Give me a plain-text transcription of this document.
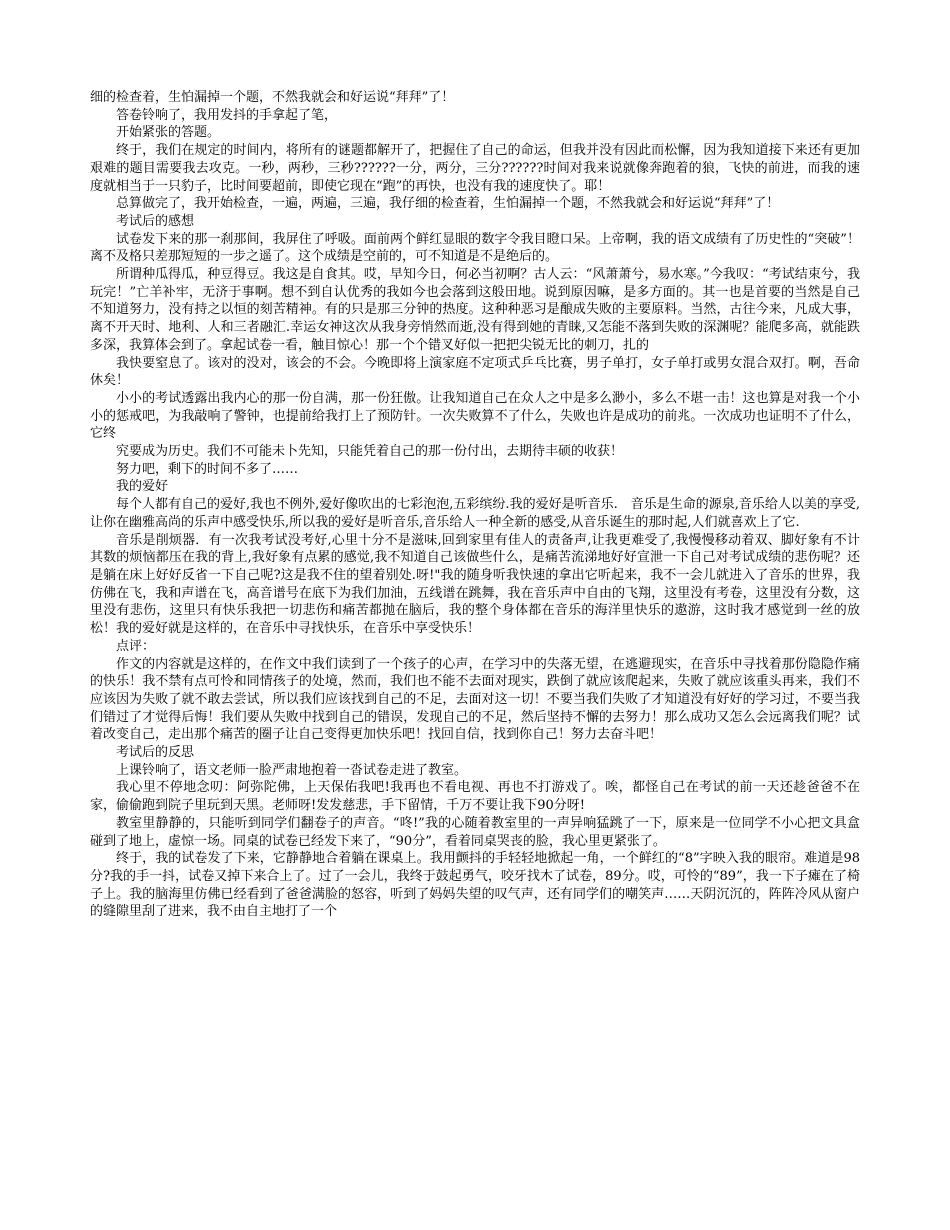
细的检查着，生怕漏掉一个题，不然我就会和好运说“拜拜”了！

答卷铃响了，我用发抖的手拿起了笔，

开始紧张的答题。

终于，我们在规定的时间内，将所有的谜题都解开了，把握住了自己的命运，但我并没有因此而松懈，因为我知道接下来还有更加艰难的题目需要我去攻克。一秒，两秒，三秒??????一分，两分，三分??????时间对我来说就像奔跑着的狼，飞快的前进，而我的速度就相当于一只豹子，比时间要超前，即使它现在“跑”的再快，也没有我的速度快了。耶！

总算做完了，我开始检查，一遍，两遍，三遍，我仔细的检查着，生怕漏掉一个题，不然我就会和好运说“拜拜”了！

考试后的感想

试卷发下来的那一刹那间，我屏住了呼吸。面前两个鲜红显眼的数字令我目瞪口呆。上帝啊，我的语文成绩有了历史性的“突破”！离不及格只差那短短的一步之遥了。这个成绩是空前的，可不知道是不是绝后的。

所谓种瓜得瓜，种豆得豆。我这是自食其。哎，早知今日，何必当初啊？古人云：“风萧萧兮，易水寒。”今我叹：“考试结束兮，我玩完！”亡羊补牢，无济于事啊。想不到自认优秀的我如今也会落到这般田地。说到原因嘛，是多方面的。其一也是首要的当然是自己不知道努力，没有持之以恒的刻苦精神。有的只是那三分钟的热度。这种种恶习是酿成失败的主要原料。当然，古往今来，凡成大事，离不开天时、地利、人和三者融汇.幸运女神这次从我身旁悄然而逝,没有得到她的青睐,又怎能不落到失败的深渊呢？能爬多高，就能跌多深，我算体会到了。拿起试卷一看，触目惊心！那一个个错叉好似一把把尖锐无比的刺刀，扎的

我快要窒息了。该对的没对，该会的不会。今晚即将上演家庭不定项式乒乓比赛，男子单打，女子单打或男女混合双打。啊，吾命休矣！

小小的考试透露出我内心的那一份自满，那一份狂傲。让我知道自己在众人之中是多么渺小，多么不堪一击！这也算是对我一个小小的惩戒吧，为我敲响了警钟，也提前给我打上了预防针。一次失败算不了什么，失败也许是成功的前兆。一次成功也证明不了什么，它终

究要成为历史。我们不可能未卜先知，只能凭着自己的那一份付出，去期待丰硕的收获！

努力吧，剩下的时间不多了……

我的爱好

每个人都有自己的爱好,我也不例外,爱好像吹出的七彩泡泡,五彩缤纷.我的爱好是听音乐.　音乐是生命的源泉,音乐给人以美的享受,让你在幽雅高尚的乐声中感受快乐,所以我的爱好是听音乐,音乐给人一种全新的感受,从音乐诞生的那时起,人们就喜欢上了它.

音乐是削烦器．有一次我考试没考好,心里十分不是滋味,回到家里有佳人的责备声,让我更难受了,我慢慢移动着双、脚好象有不计其数的烦恼都压在我的背上,我好象有点累的感觉,我不知道自己该做些什么，是痛苦流涕地好好宣泄一下自己对考试成绩的悲伤呢？还是躺在床上好好反省一下自己呢?这是我不住的望着别处.呀!"我的随身听我快速的拿出它听起来，我不一会儿就进入了音乐的世界，我仿佛在飞，我和声谱在飞，高音谱号在底下为我们加油，五线谱在跳舞，我在音乐声中自由的飞翔，这里没有考卷，这里没有分数，这里没有悲伤，这里只有快乐我把一切悲伤和痛苦都抛在脑后，我的整个身体都在音乐的海洋里快乐的遨游，这时我才感觉到一丝的放松！我的爱好就是这样的，在音乐中寻找快乐，在音乐中享受快乐！

点评：

作文的内容就是这样的，在作文中我们读到了一个孩子的心声，在学习中的失落无望，在逃避现实，在音乐中寻找着那份隐隐作痛的快乐！我不禁有点可怜和同情孩子的处境，然而，我们也不能不去面对现实，跌倒了就应该爬起来，失败了就应该重头再来，我们不应该因为失败了就不敢去尝试，所以我们应该找到自己的不足，去面对这一切！不要当我们失败了才知道没有好好的学习过，不要当我们错过了才觉得后悔！我们要从失败中找到自己的错误，发现自己的不足，然后坚持不懈的去努力！那么成功又怎么会远离我们呢？试着改变自己，走出那个痛苦的圈子让自己变得更加快乐吧！找回自信，找到你自己！努力去奋斗吧！

考试后的反思

上课铃响了，语文老师一脸严肃地抱着一沓试卷走进了教室。

我心里不停地念叨：阿弥陀佛，上天保佑我吧!我再也不看电视、再也不打游戏了。唉，都怪自己在考试的前一天还趁爸爸不在家，偷偷跑到院子里玩到天黑。老师呀!发发慈悲，手下留情，千万不要让我下90分呀!

教室里静静的，只能听到同学们翻卷子的声音。“咚!”我的心随着教室里的一声异响猛跳了一下，原来是一位同学不小心把文具盒碰到了地上，虚惊一场。同桌的试卷已经发下来了，“90分”，看着同桌哭丧的脸，我心里更紧张了。

终于，我的试卷发了下来，它静静地合着躺在课桌上。我用颤抖的手轻轻地掀起一角，一个鲜红的“8”字映入我的眼帘。难道是98分?我的手一抖，试卷又掉下来合上了。过了一会儿，我终于鼓起勇气，咬牙找木了试卷，89分。哎，可怜的“89”，我一下子瘫在了椅子上。我的脑海里仿佛已经看到了爸爸满脸的怒容，听到了妈妈失望的叹气声，还有同学们的嘲笑声……天阴沉沉的，阵阵冷风从窗户的缝隙里刮了进来，我不由自主地打了一个
